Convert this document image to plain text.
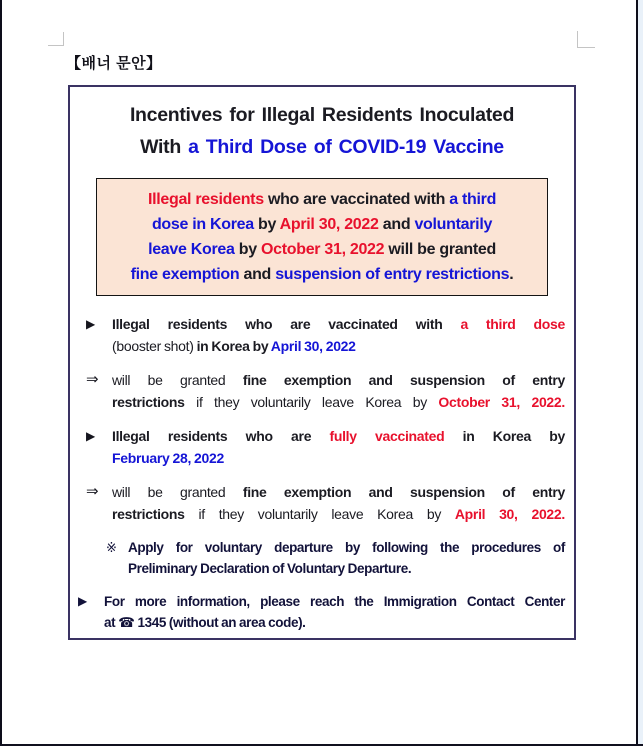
【배너 문안】
Incentives for Illegal Residents Inoculated
With a Third Dose of COVID-19 Vaccine
Illegal residents who are vaccinated with a third
dose in Korea by April 30, 2022 and voluntarily
leave Korea by October 31, 2022 will be granted
fine exemption and suspension of entry restrictions.
▶	Illegal residents who are vaccinated with a third dose
(booster shot) in Korea by April 30, 2022
⇒ will be granted fine exemption and suspension of entry
restrictions if they voluntarily leave Korea by October 31, 2022.
▶	Illegal residents who are fully vaccinated in Korea by
February 28, 2022
⇒ will be granted fine exemption and suspension of entry
restrictions if they voluntarily leave Korea by April 30, 2022.
※ Apply for voluntary departure by following the procedures of
Preliminary Declaration of Voluntary Departure.
▶	For more information, please reach the Immigration Contact Center
at ☎ 1345 (without an area code).
